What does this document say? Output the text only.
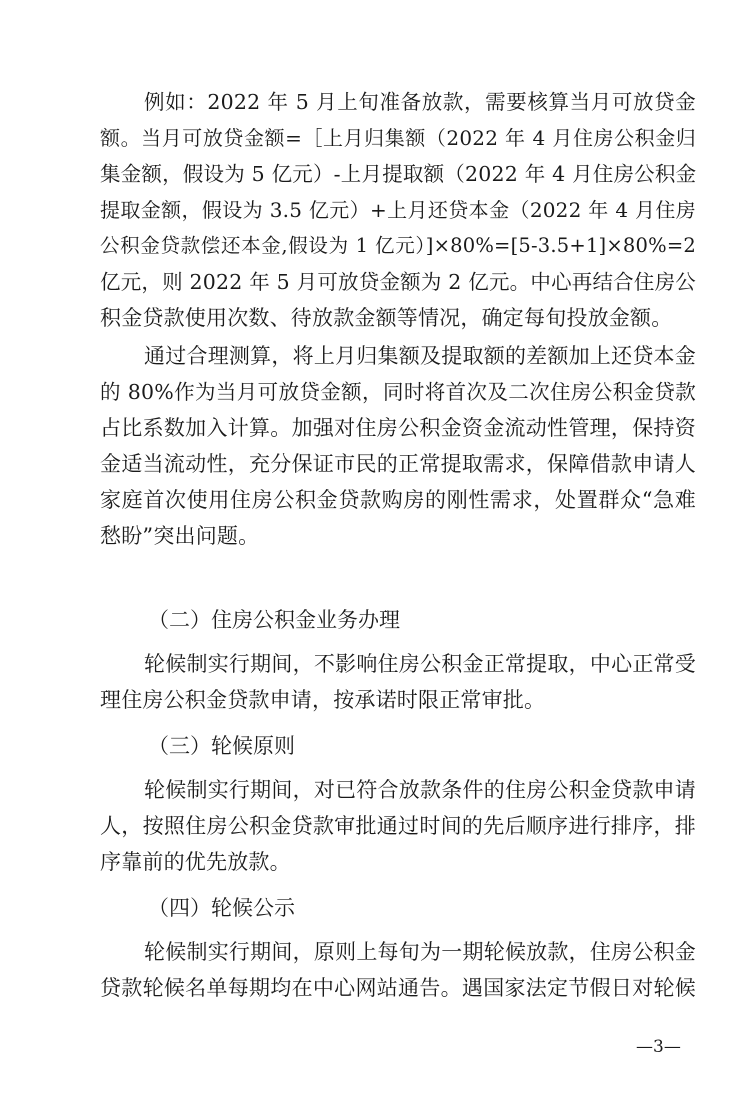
例如：2022 年 5 月上旬准备放款，需要核算当月可放贷金
额。当月可放贷金额=［上月归集额（2022 年 4 月住房公积金归
集金额，假设为 5 亿元）-上月提取额（2022 年 4 月住房公积金
提取金额，假设为 3.5 亿元）+上月还贷本金（2022 年 4 月住房
公积金贷款偿还本金,假设为 1 亿元）]×80%=[5-3.5+1]×80%=2
亿元，则 2022 年 5 月可放贷金额为 2 亿元。中心再结合住房公
积金贷款使用次数、待放款金额等情况，确定每旬投放金额。
通过合理测算，将上月归集额及提取额的差额加上还贷本金
的 80%作为当月可放贷金额，同时将首次及二次住房公积金贷款
占比系数加入计算。加强对住房公积金资金流动性管理，保持资
金适当流动性，充分保证市民的正常提取需求，保障借款申请人
家庭首次使用住房公积金贷款购房的刚性需求，处置群众“急难
愁盼”突出问题。
（二）住房公积金业务办理
轮候制实行期间，不影响住房公积金正常提取，中心正常受
理住房公积金贷款申请，按承诺时限正常审批。
（三）轮候原则
轮候制实行期间，对已符合放款条件的住房公积金贷款申请
人，按照住房公积金贷款审批通过时间的先后顺序进行排序，排
序靠前的优先放款。
（四）轮候公示
轮候制实行期间，原则上每旬为一期轮候放款，住房公积金
贷款轮候名单每期均在中心网站通告。遇国家法定节假日对轮候
—3—
